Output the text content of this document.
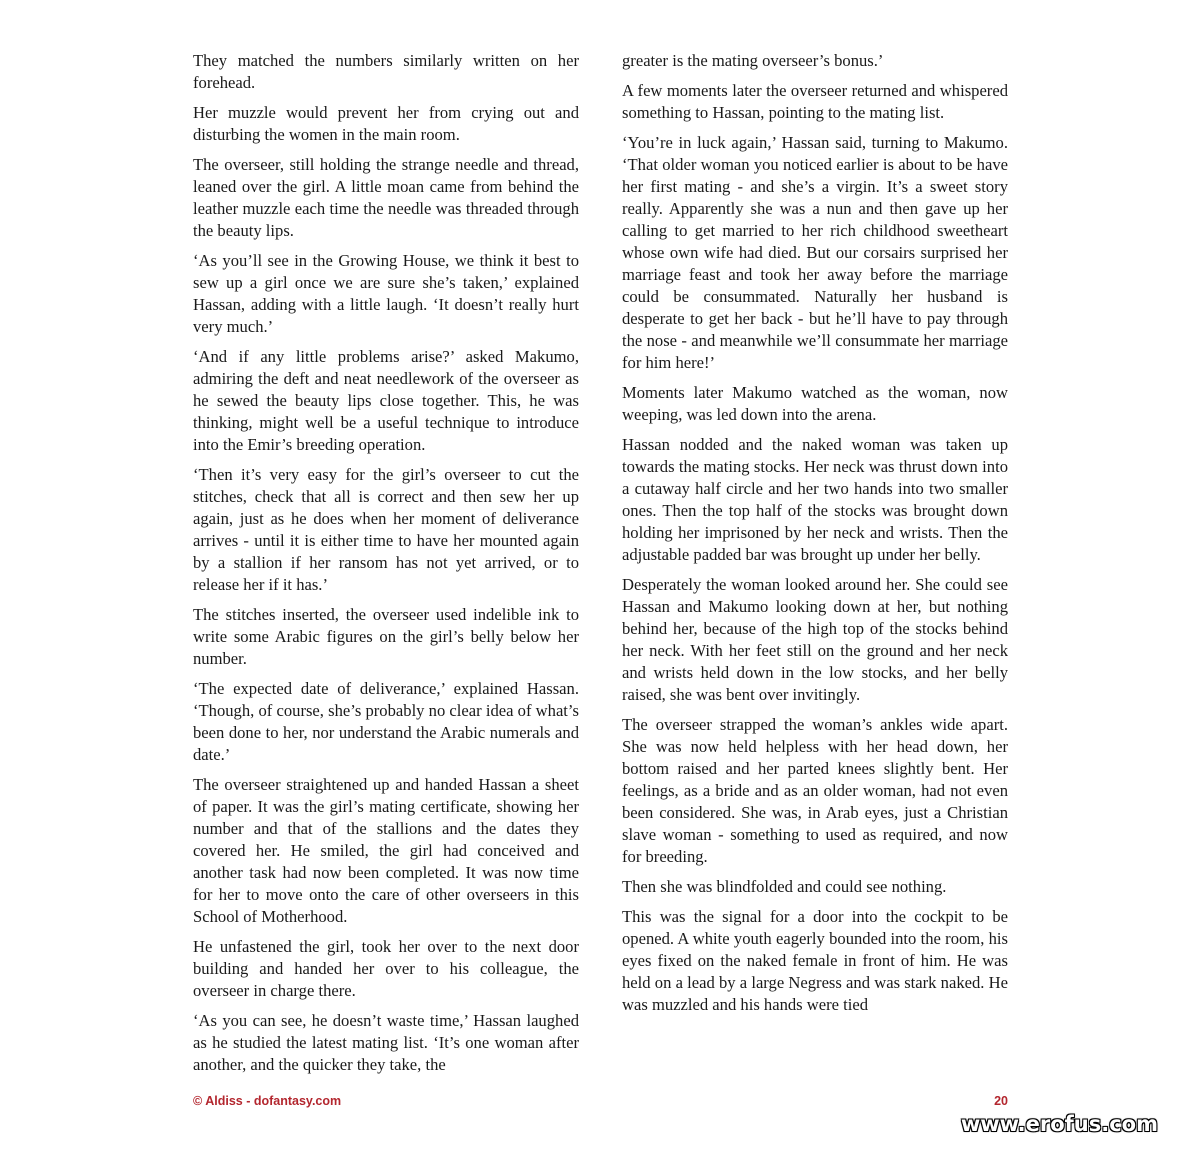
They matched the numbers similarly written on her forehead.

Her muzzle would prevent her from crying out and disturbing the women in the main room.

The overseer, still holding the strange needle and thread, leaned over the girl. A little moan came from behind the leather muzzle each time the needle was threaded through the beauty lips.

‘As you’ll see in the Growing House, we think it best to sew up a girl once we are sure she’s taken,’ explained Hassan, adding with a little laugh. ‘It doesn’t really hurt very much.’

‘And if any little problems arise?’ asked Makumo, admiring the deft and neat needlework of the overseer as he sewed the beauty lips close together. This, he was thinking, might well be a useful technique to introduce into the Emir’s breeding operation.

‘Then it’s very easy for the girl’s overseer to cut the stitches, check that all is correct and then sew her up again, just as he does when her moment of deliverance arrives - until it is either time to have her mounted again by a stallion if her ransom has not yet arrived, or to release her if it has.’

The stitches inserted, the overseer used indelible ink to write some Arabic figures on the girl’s belly below her number.

‘The expected date of deliverance,’ explained Hassan. ‘Though, of course, she’s probably no clear idea of what’s been done to her, nor understand the Arabic numerals and date.’

The overseer straightened up and handed Hassan a sheet of paper. It was the girl’s mating certificate, showing her number and that of the stallions and the dates they covered her. He smiled, the girl had conceived and another task had now been completed. It was now time for her to move onto the care of other overseers in this School of Motherhood.

He unfastened the girl, took her over to the next door building and handed her over to his colleague, the overseer in charge there.

‘As you can see, he doesn’t waste time,’ Hassan laughed as he studied the latest mating list. ‘It’s one woman after another, and the quicker they take, the

greater is the mating overseer’s bonus.’

A few moments later the overseer returned and whispered something to Hassan, pointing to the mating list.

‘You’re in luck again,’ Hassan said, turning to Makumo. ‘That older woman you noticed earlier is about to be have her first mating - and she’s a virgin. It’s a sweet story really. Apparently she was a nun and then gave up her calling to get married to her rich childhood sweetheart whose own wife had died. But our corsairs surprised her marriage feast and took her away before the marriage could be consummated. Naturally her husband is desperate to get her back - but he’ll have to pay through the nose - and meanwhile we’ll consummate her marriage for him here!’

Moments later Makumo watched as the woman, now weeping, was led down into the arena.

Hassan nodded and the naked woman was taken up towards the mating stocks. Her neck was thrust down into a cutaway half circle and her two hands into two smaller ones. Then the top half of the stocks was brought down holding her imprisoned by her neck and wrists. Then the adjustable padded bar was brought up under her belly.

Desperately the woman looked around her. She could see Hassan and Makumo looking down at her, but nothing behind her, because of the high top of the stocks behind her neck. With her feet still on the ground and her neck and wrists held down in the low stocks, and her belly raised, she was bent over invitingly.

The overseer strapped the woman’s ankles wide apart. She was now held helpless with her head down, her bottom raised and her parted knees slightly bent. Her feelings, as a bride and as an older woman, had not even been considered. She was, in Arab eyes, just a Christian slave woman - something to used as required, and now for breeding.

Then she was blindfolded and could see nothing.

This was the signal for a door into the cockpit to be opened. A white youth eagerly bounded into the room, his eyes fixed on the naked female in front of him. He was held on a lead by a large Negress and was stark naked. He was muzzled and his hands were tied

© Aldiss - dofantasy.com	20
www.erofus.com
